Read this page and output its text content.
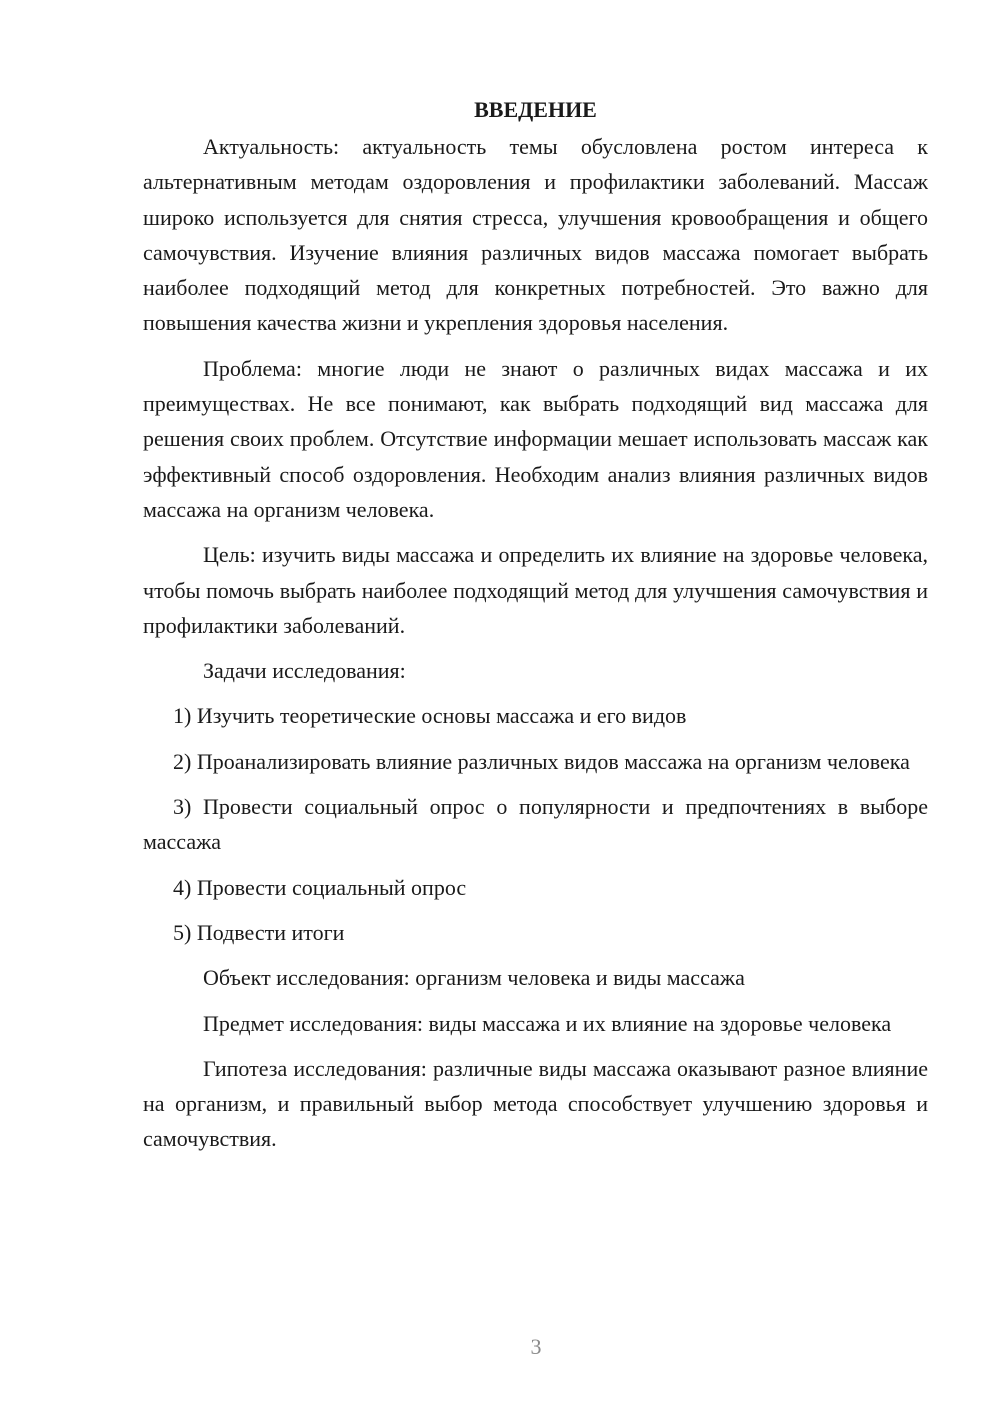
ВВЕДЕНИЕ

Актуальность: актуальность темы обусловлена ростом интереса к альтернативным методам оздоровления и профилактики заболеваний. Массаж широко используется для снятия стресса, улучшения кровообращения и общего самочувствия. Изучение влияния различных видов массажа помогает выбрать наиболее подходящий метод для конкретных потребностей. Это важно для повышения качества жизни и укрепления здоровья населения.

Проблема: многие люди не знают о различных видах массажа и их преимуществах. Не все понимают, как выбрать подходящий вид массажа для решения своих проблем. Отсутствие информации мешает использовать массаж как эффективный способ оздоровления. Необходим анализ влияния различных видов массажа на организм человека.

Цель: изучить виды массажа и определить их влияние на здоровье человека, чтобы помочь выбрать наиболее подходящий метод для улучшения самочувствия и профилактики заболеваний.

Задачи исследования:

1) Изучить теоретические основы массажа и его видов

2) Проанализировать влияние различных видов массажа на организм человека

3) Провести социальный опрос о популярности и предпочтениях в выборе массажа

4) Провести социальный опрос

5) Подвести итоги

Объект исследования: организм человека и виды массажа

Предмет исследования: виды массажа и их влияние на здоровье человека

Гипотеза исследования: различные виды массажа оказывают разное влияние на организм, и правильный выбор метода способствует улучшению здоровья и самочувствия.

3
